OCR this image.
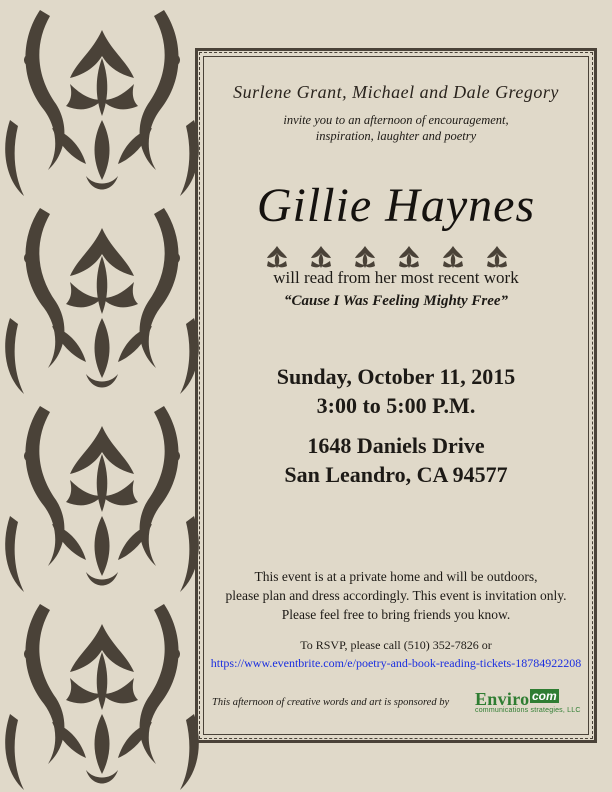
Surlene Grant, Michael and Dale Gregory
invite you to an afternoon of encouragement,
inspiration, laughter and poetry
Gillie Haynes
will read from her most recent work
“Cause I Was Feeling Mighty Free”
Sunday, October 11, 2015
3:00 to 5:00 P.M.
1648 Daniels Drive
San Leandro, CA 94577
This event is at a private home and will be outdoors,
please plan and dress accordingly. This event is invitation only.
Please feel free to bring friends you know.
To RSVP, please call (510) 352-7826 or
https://www.eventbrite.com/e/poetry-and-book-reading-tickets-18784922208
This afternoon of creative words and art is sponsored by Enviro com
communications strategies, LLC
